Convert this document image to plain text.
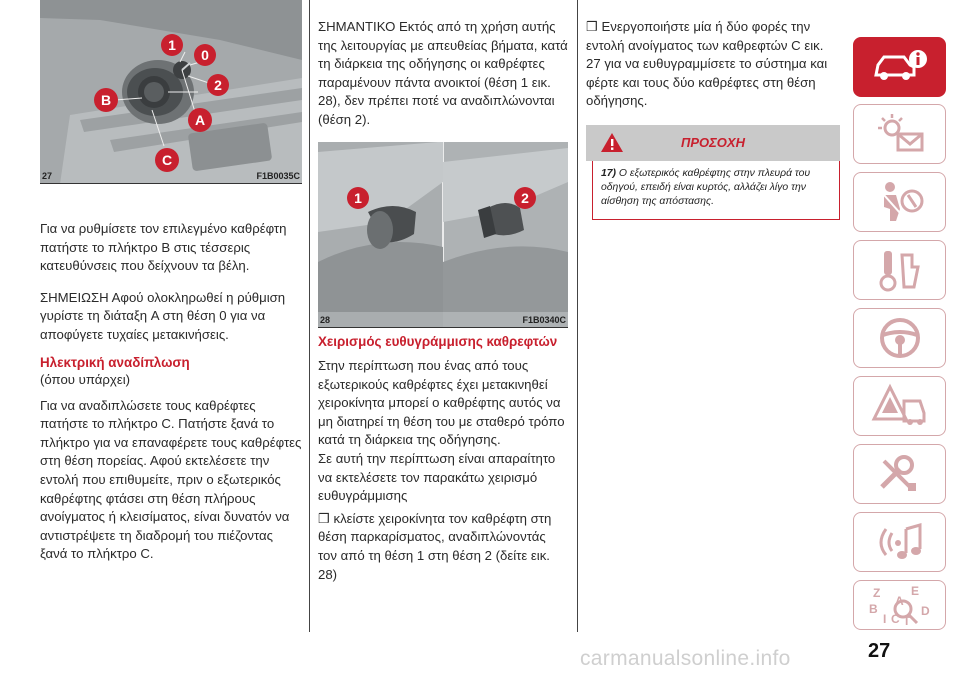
1
0
2
B
A
C
27	F1B0035C

Για να ρυθμίσετε τον επιλεγμένο καθρέφτη πατήστε το πλήκτρο B στις τέσσερις κατευθύνσεις που δείχνουν τα βέλη.

ΣΗΜΕΙΩΣΗ Αφού ολοκληρωθεί η ρύθμιση γυρίστε τη διάταξη A στη θέση 0 για να αποφύγετε τυχαίες μετακινήσεις.

Ηλεκτρική αναδίπλωση

(όπου υπάρχει)

Για να αναδιπλώσετε τους καθρέφτες πατήστε το πλήκτρο C. Πατήστε ξανά το πλήκτρο για να επαναφέρετε τους καθρέφτες στη θέση πορείας. Αφού εκτελέσετε την εντολή που επιθυμείτε, πριν ο εξωτερικός καθρέφτης φτάσει στη θέση πλήρους ανοίγματος ή κλεισίματος, είναι δυνατόν να αντιστρέψετε τη διαδρομή του πιέζοντας ξανά το πλήκτρο C.

ΣΗΜΑΝΤΙΚΟ Εκτός από τη χρήση αυτής της λειτουργίας με απευθείας βήματα, κατά τη διάρκεια της οδήγησης οι καθρέφτες παραμένουν πάντα ανοικτοί (θέση 1 εικ. 28), δεν πρέπει ποτέ να αναδιπλώνονται (θέση 2).

1	2
28	F1B0340C
Χειρισμός ευθυγράμμισης καθρεφτών

Στην περίπτωση που ένας από τους εξωτερικούς καθρέφτες έχει μετακινηθεί χειροκίνητα μπορεί ο καθρέφτης αυτός να μη διατηρεί τη θέση του με σταθερό τρόπο κατά τη διάρκεια της οδήγησης.

Σε αυτή την περίπτωση είναι απαραίτητο να εκτελέσετε τον παρακάτω χειρισμό ευθυγράμμισης

❒ κλείστε χειροκίνητα τον καθρέφτη στη θέση παρκαρίσματος, αναδιπλώνοντάς τον από τη θέση 1 στη θέση 2 (δείτε εικ. 28)

❒ Ενεργοποιήστε μία ή δύο φορές την εντολή ανοίγματος των καθρεφτών C εικ. 27 για να ευθυγραμμίσετε το σύστημα και φέρτε και τους δύο καθρέφτες στη θέση οδήγησης.

ΠΡΟΣΟΧΗ
17) Ο εξωτερικός καθρέφτης στην πλευρά του οδηγού, επειδή είναι κυρτός, αλλάζει λίγο την αίσθηση της απόστασης.
Z	E
B
A
D
I C T
27
carmanualsonline.info
